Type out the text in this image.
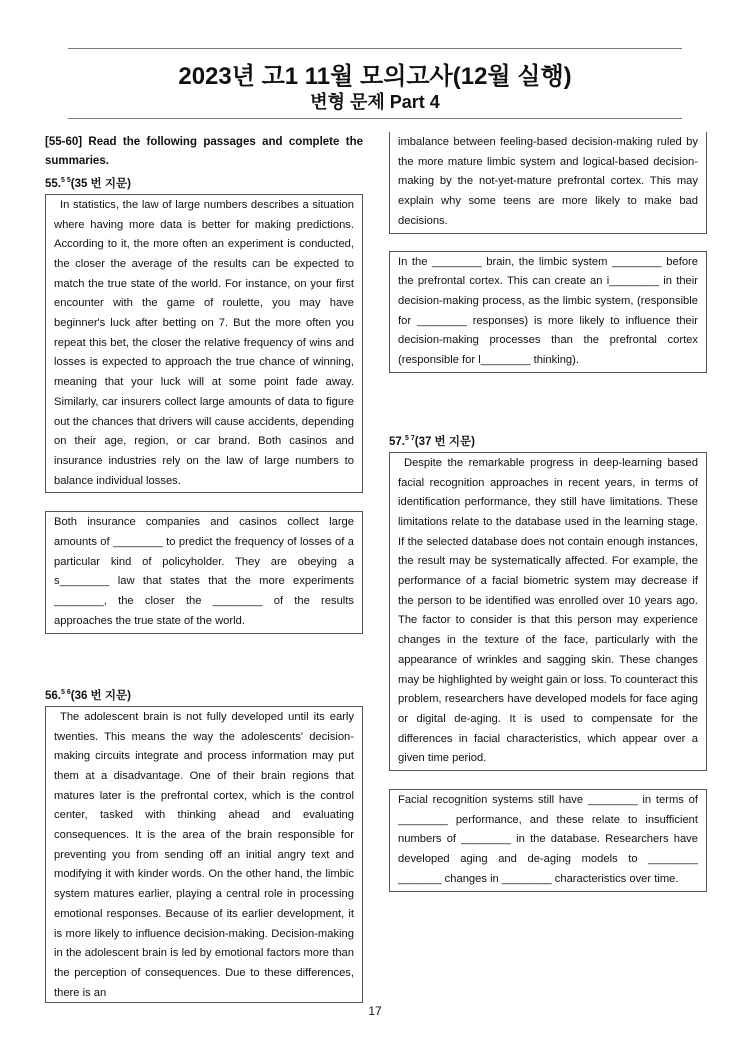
2023년 고1 11월 모의고사(12월 실행)
변형 문제 Part 4
[55-60] Read the following passages and complete the summaries.
55.$^{5 5}$(35 번 지문)

In statistics, the law of large numbers describes a situation where having more data is better for making predictions. According to it, the more often an experiment is conducted, the closer the average of the results can be expected to match the true state of the world. For instance, on your first encounter with the game of roulette, you may have beginner's luck after betting on 7. But the more often you repeat this bet, the closer the relative frequency of wins and losses is expected to approach the true chance of winning, meaning that your luck will at some point fade away. Similarly, car insurers collect large amounts of data to figure out the chances that drivers will cause accidents, depending on their age, region, or car brand. Both casinos and insurance industries rely on the law of large numbers to balance individual losses.

Both insurance companies and casinos collect large amounts of ________ to predict the frequency of losses of a particular kind of policyholder. They are obeying a s________ law that states that the more experiments ________, the closer the ________ of the results approaches the true state of the world.

56.$^{5 6}$(36 번 지문)

The adolescent brain is not fully developed until its early twenties. This means the way the adolescents' decision-making circuits integrate and process information may put them at a disadvantage. One of their brain regions that matures later is the prefrontal cortex, which is the control center, tasked with thinking ahead and evaluating consequences. It is the area of the brain responsible for preventing you from sending off an initial angry text and modifying it with kinder words. On the other hand, the limbic system matures earlier, playing a central role in processing emotional responses. Because of its earlier development, it is more likely to influence decision-making. Decision-making in the adolescent brain is led by emotional factors more than the perception of consequences. Due to these differences, there is an

imbalance between feeling-based decision-making ruled by the more mature limbic system and logical-based decision-making by the not-yet-mature prefrontal cortex. This may explain why some teens are more likely to make bad decisions.

In the ________ brain, the limbic system ________ before the prefrontal cortex. This can create an i________ in their decision-making process, as the limbic system, (responsible for ________ responses) is more likely to influence their decision-making processes than the prefrontal cortex (responsible for l________ thinking).

57.$^{5 7}$(37 번 지문)

Despite the remarkable progress in deep-learning based facial recognition approaches in recent years, in terms of identification performance, they still have limitations. These limitations relate to the database used in the learning stage. If the selected database does not contain enough instances, the result may be systematically affected. For example, the performance of a facial biometric system may decrease if the person to be identified was enrolled over 10 years ago. The factor to consider is that this person may experience changes in the texture of the face, particularly with the appearance of wrinkles and sagging skin. These changes may be highlighted by weight gain or loss. To counteract this problem, researchers have developed models for face aging or digital de-aging. It is used to compensate for the differences in facial characteristics, which appear over a given time period.

Facial recognition systems still have ________ in terms of ________ performance, and these relate to insufficient numbers of ________ in the database. Researchers have developed aging and de-aging models to ________ _______ changes in ________ characteristics over time.

17
